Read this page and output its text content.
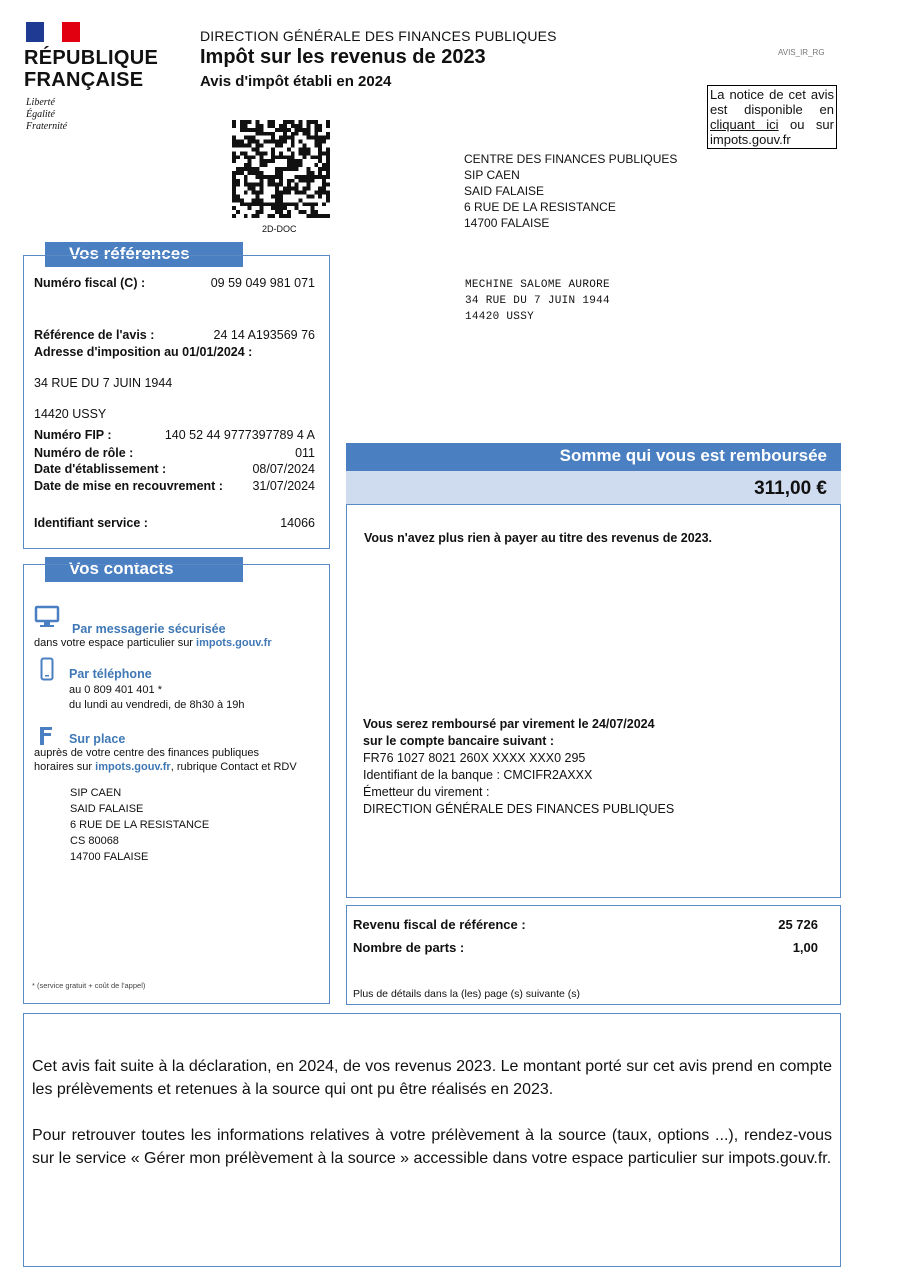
RÉPUBLIQUE
FRANÇAISE
Liberté
Égalité
Fraternité
DIRECTION GÉNÉRALE DES FINANCES PUBLIQUES
Impôt sur les revenus de 2023
Avis d'impôt établi en 2024
AVIS_IR_RG
La notice de cet avis est disponible en cliquant ici ou sur impots.gouv.fr
2D-DOC
CENTRE DES FINANCES PUBLIQUES
SIP CAEN
SAID FALAISE
6 RUE DE LA RESISTANCE
14700 FALAISE
MECHINE SALOME AURORE
34 RUE DU 7 JUIN 1944
14420 USSY
Vos références
Numéro fiscal (C) :	09 59 049 981 071
Référence de l'avis :	24 14 A193569 76
Adresse d'imposition au 01/01/2024 :
34 RUE DU 7 JUIN 1944
14420 USSY
Numéro FIP :	140 52 44 9777397789 4 A
Numéro de rôle :	011
Date d'établissement :	08/07/2024
Date de mise en recouvrement : 31/07/2024
Identifiant service :	14066
Vos contacts
Par messagerie sécurisée
dans votre espace particulier sur impots.gouv.fr
Par téléphone
au 0 809 401 401 *
du lundi au vendredi, de 8h30 à 19h
Sur place
auprès de votre centre des finances publiques
horaires sur impots.gouv.fr, rubrique Contact et RDV
SIP CAEN
SAID FALAISE
6 RUE DE LA RESISTANCE
CS 80068
14700 FALAISE
* (service gratuit + coût de l'appel)
Somme qui vous est remboursée
311,00 €
Vous n'avez plus rien à payer au titre des revenus de 2023.
Vous serez remboursé par virement le 24/07/2024
sur le compte bancaire suivant :
FR76 1027 8021 260X XXXX XXX0 295
Identifiant de la banque : CMCIFR2AXXX
Émetteur du virement :
DIRECTION GÉNÉRALE DES FINANCES PUBLIQUES
Revenu fiscal de référence :	25 726
Nombre de parts :	1,00
Plus de détails dans la (les) page (s) suivante (s)
Cet avis fait suite à la déclaration, en 2024, de vos revenus 2023. Le montant porté sur cet avis prend en compte les prélèvements et retenues à la source qui ont pu être réalisés en 2023.
Pour retrouver toutes les informations relatives à votre prélèvement à la source (taux, options ...), rendez-vous sur le service « Gérer mon prélèvement à la source » accessible dans votre espace particulier sur impots.gouv.fr.
